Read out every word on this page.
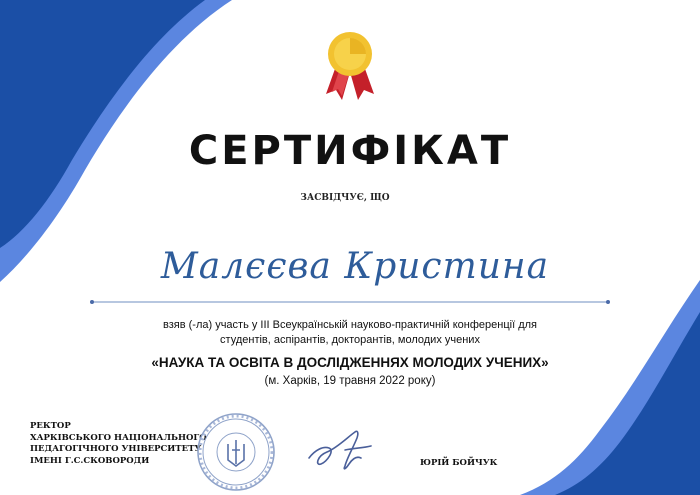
СЕРТИФІКАТ
ЗАСВІДЧУЄ, ЩО
Малєєва Кристина
взяв (-ла) участь у ІІІ Всеукраїнській науково-практичній конференції для
студентів, аспірантів, докторантів, молодих учених
«НАУКА ТА ОСВІТА В ДОСЛІДЖЕННЯХ МОЛОДИХ УЧЕНИХ»
(м. Харків, 19 травня 2022 року)
РЕКТОР
ХАРКІВСЬКОГО НАЦІОНАЛЬНОГО
ПЕДАГОГІЧНОГО УНІВЕРСИТЕТУ
ІМЕНІ Г.С.СКОВОРОДИ	ЮРІЙ БОЙЧУК
